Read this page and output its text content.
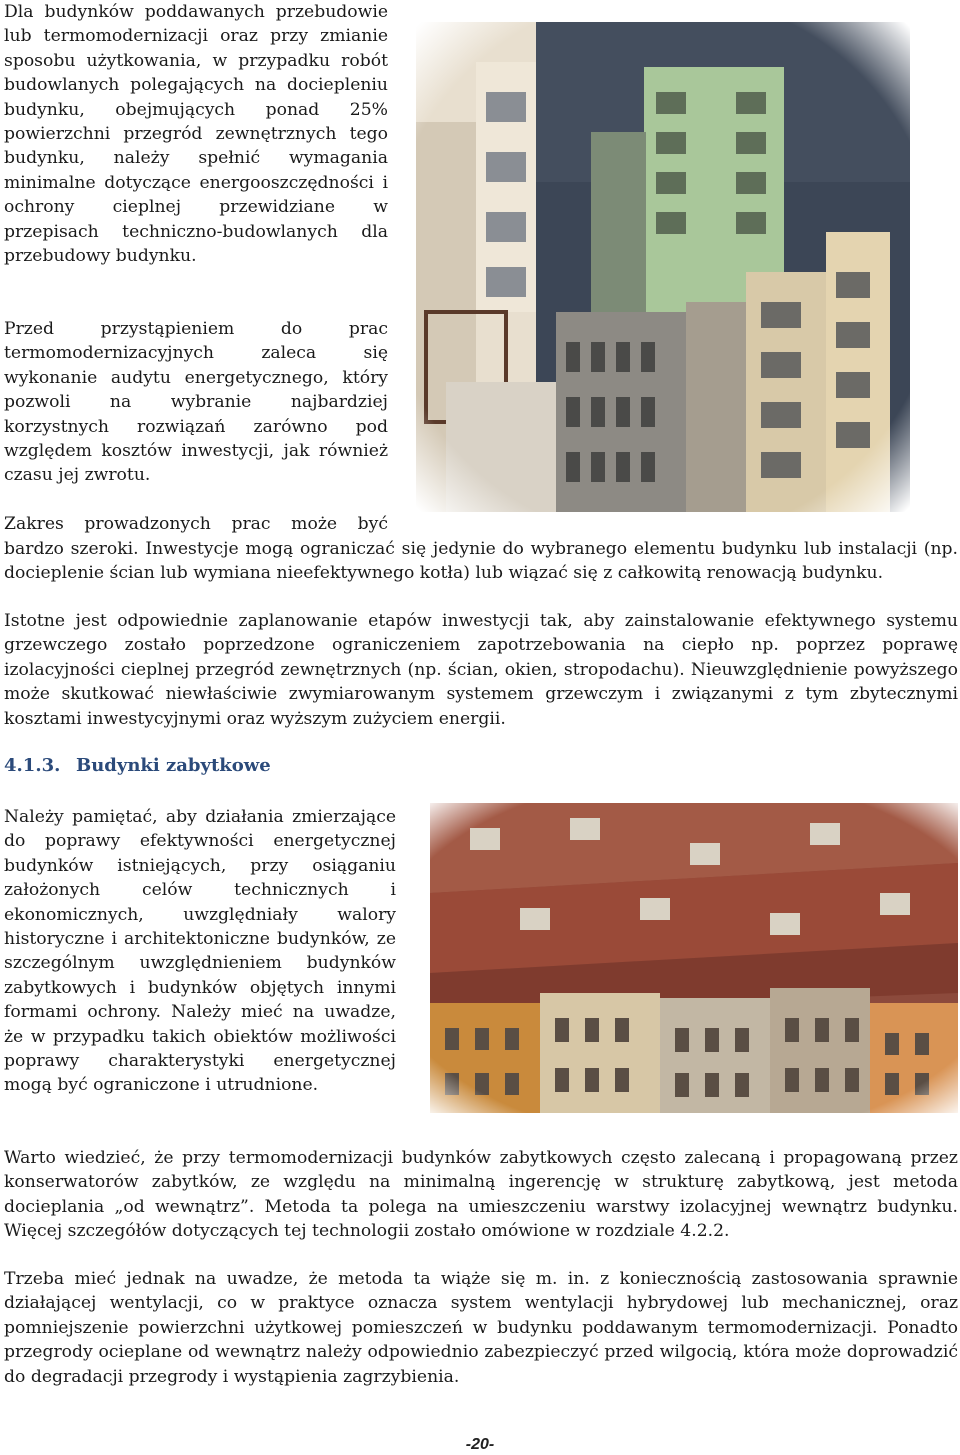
Dla budynków poddawanych przebudowie lub termomodernizacji oraz przy zmianie sposobu użytkowania, w przypadku robót budowlanych polegających na dociepleniu budynku, obejmujących ponad 25% powierzchni przegród zewnętrznych tego budynku, należy spełnić wymagania minimalne dotyczące energooszczędności i ochrony cieplnej przewidziane w przepisach techniczno-budowlanych dla przebudowy budynku.

Przed przystąpieniem do prac termomodernizacyjnych zaleca się wykonanie audytu energetycznego, który pozwoli na wybranie najbardziej korzystnych rozwiązań zarówno pod względem kosztów inwestycji, jak również czasu jej zwrotu.

Zakres prowadzonych prac może być

bardzo szeroki. Inwestycje mogą ograniczać się jedynie do wybranego elementu budynku lub instalacji (np. docieplenie ścian lub wymiana nieefektywnego kotła) lub wiązać się z całkowitą renowacją budynku.

Istotne jest odpowiednie zaplanowanie etapów inwestycji tak, aby zainstalowanie efektywnego systemu grzewczego zostało poprzedzone ograniczeniem zapotrzebowania na ciepło np. poprzez poprawę izolacyjności cieplnej przegród zewnętrznych (np. ścian, okien, stropodachu). Nieuwzględnienie powyższego może skutkować niewłaściwie zwymiarowanym systemem grzewczym i związanymi z tym zbytecznymi kosztami inwestycyjnymi oraz wyższym zużyciem energii.

4.1.3. Budynki zabytkowe

Należy pamiętać, aby działania zmierzające do poprawy efektywności energetycznej budynków istniejących, przy osiąganiu założonych celów technicznych i ekonomicznych, uwzględniały walory historyczne i architektoniczne budynków, ze szczególnym uwzględnieniem budynków zabytkowych i budynków objętych innymi formami ochrony. Należy mieć na uwadze, że w przypadku takich obiektów możliwości poprawy charakterystyki energetycznej mogą być ograniczone i utrudnione.

Warto wiedzieć, że przy termomodernizacji budynków zabytkowych często zalecaną i propagowaną przez konserwatorów zabytków, ze względu na minimalną ingerencję w strukturę zabytkową, jest metoda docieplania „od wewnątrz”. Metoda ta polega na umieszczeniu warstwy izolacyjnej wewnątrz budynku. Więcej szczegółów dotyczących tej technologii zostało omówione w rozdziale 4.2.2.

Trzeba mieć jednak na uwadze, że metoda ta wiąże się m. in. z koniecznością zastosowania sprawnie działającej wentylacji, co w praktyce oznacza system wentylacji hybrydowej lub mechanicznej, oraz pomniejszenie powierzchni użytkowej pomieszczeń w budynku poddawanym termomodernizacji. Ponadto przegrody ocieplane od wewnątrz należy odpowiednio zabezpieczyć przed wilgocią, która może doprowadzić do degradacji przegrody i wystąpienia zagrzybienia.

-20-
